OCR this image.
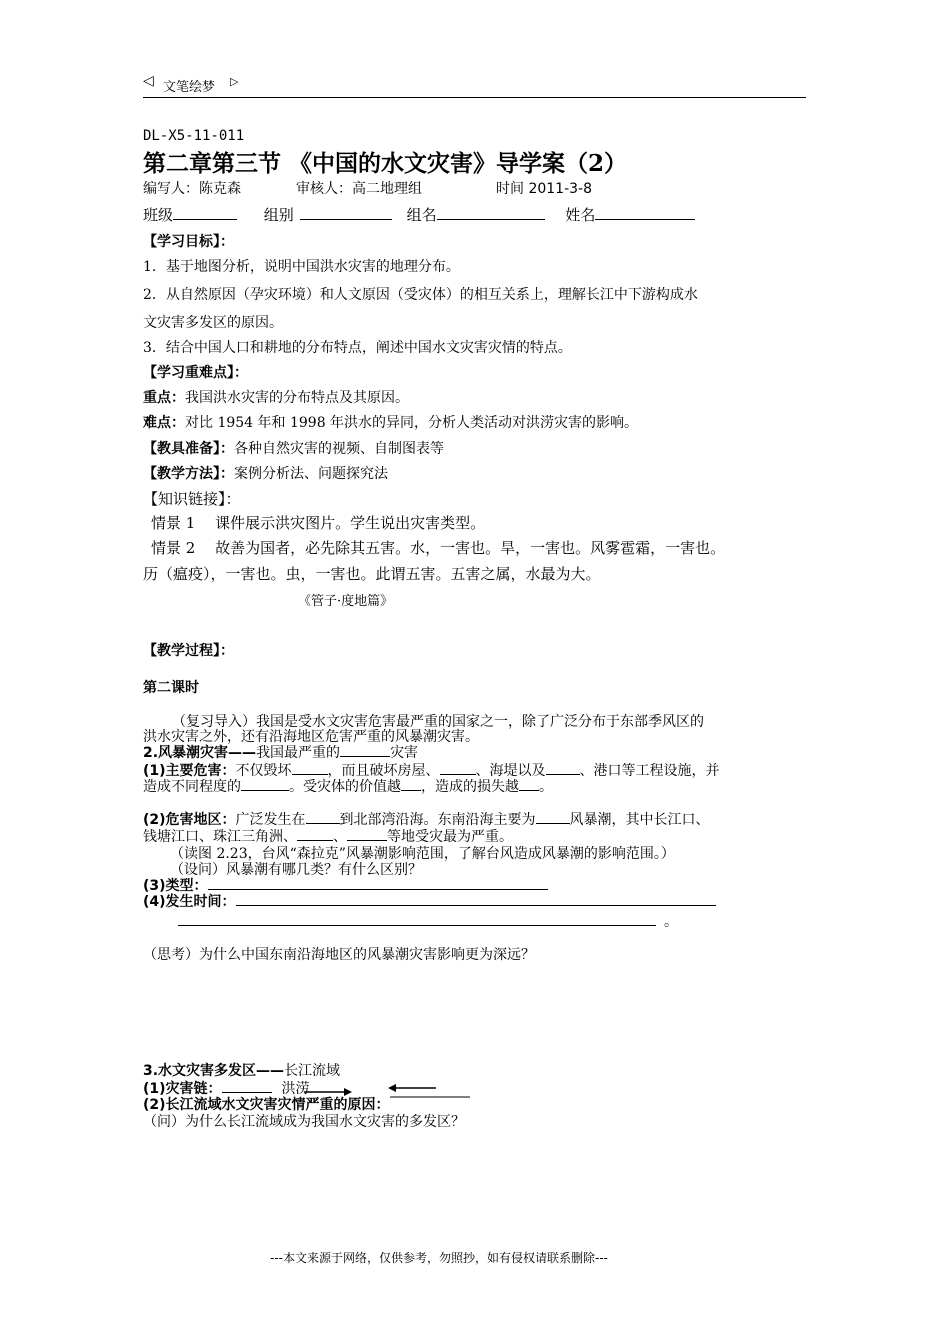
◁ 文笔绘梦 ▷
DL-X5-11-011
第二章第三节 《中国的水文灾害》导学案（2）
编写人：陈克森	审核人：高二地理组	时间 2011-3-8
班级	组别	组名	姓名
【学习目标】：
1．基于地图分析，说明中国洪水灾害的地理分布。
2．从自然原因（孕灾环境）和人文原因（受灾体）的相互关系上，理解长江中下游构成水
文灾害多发区的原因。
3．结合中国人口和耕地的分布特点，阐述中国水文灾害灾情的特点。
【学习重难点】：
重点：我国洪水灾害的分布特点及其原因。
难点：对比 1954 年和 1998 年洪水的异同，分析人类活动对洪涝灾害的影响。
【教具准备】：各种自然灾害的视频、自制图表等
【教学方法】：案例分析法、问题探究法
【知识链接】：
情景 1　 课件展示洪灾图片。学生说出灾害类型。
情景 2　 故善为国者，必先除其五害。水，一害也。旱，一害也。风雾雹霜，一害也。
历（瘟疫），一害也。虫，一害也。此谓五害。五害之属，水最为大。
《管子·度地篇》
【教学过程】：
第二课时
（复习导入）我国是受水文灾害危害最严重的国家之一，除了广泛分布于东部季风区的
洪水灾害之外，还有沿海地区危害严重的风暴潮灾害。
2.风暴潮灾害——我国最严重的	灾害
(1)主要危害：不仅毁坏	，而且破坏房屋、	、海堤以及 、港口等工程设施，并
造成不同程度的	。受灾体的价值越 ，造成的损失越 。
(2)危害地区：广泛发生在 到北部湾沿海。东南沿海主要为 风暴潮，其中长江口、
钱塘江口、珠江三角洲、	、	等地受灾最为严重。
（读图 2.23，台风“森拉克”风暴潮影响范围，了解台风造成风暴潮的影响范围。）
（设问）风暴潮有哪几类？有什么区别？
(3)类型：
(4)发生时间：
。
（思考）为什么中国东南沿海地区的风暴潮灾害影响更为深远？
3.水文灾害多发区——长江流域
(1)灾害链：	洪涝
(2)长江流域水文灾害灾情严重的原因：
（问）为什么长江流域成为我国水文灾害的多发区？
---本文来源于网络，仅供参考，勿照抄，如有侵权请联系删除---
